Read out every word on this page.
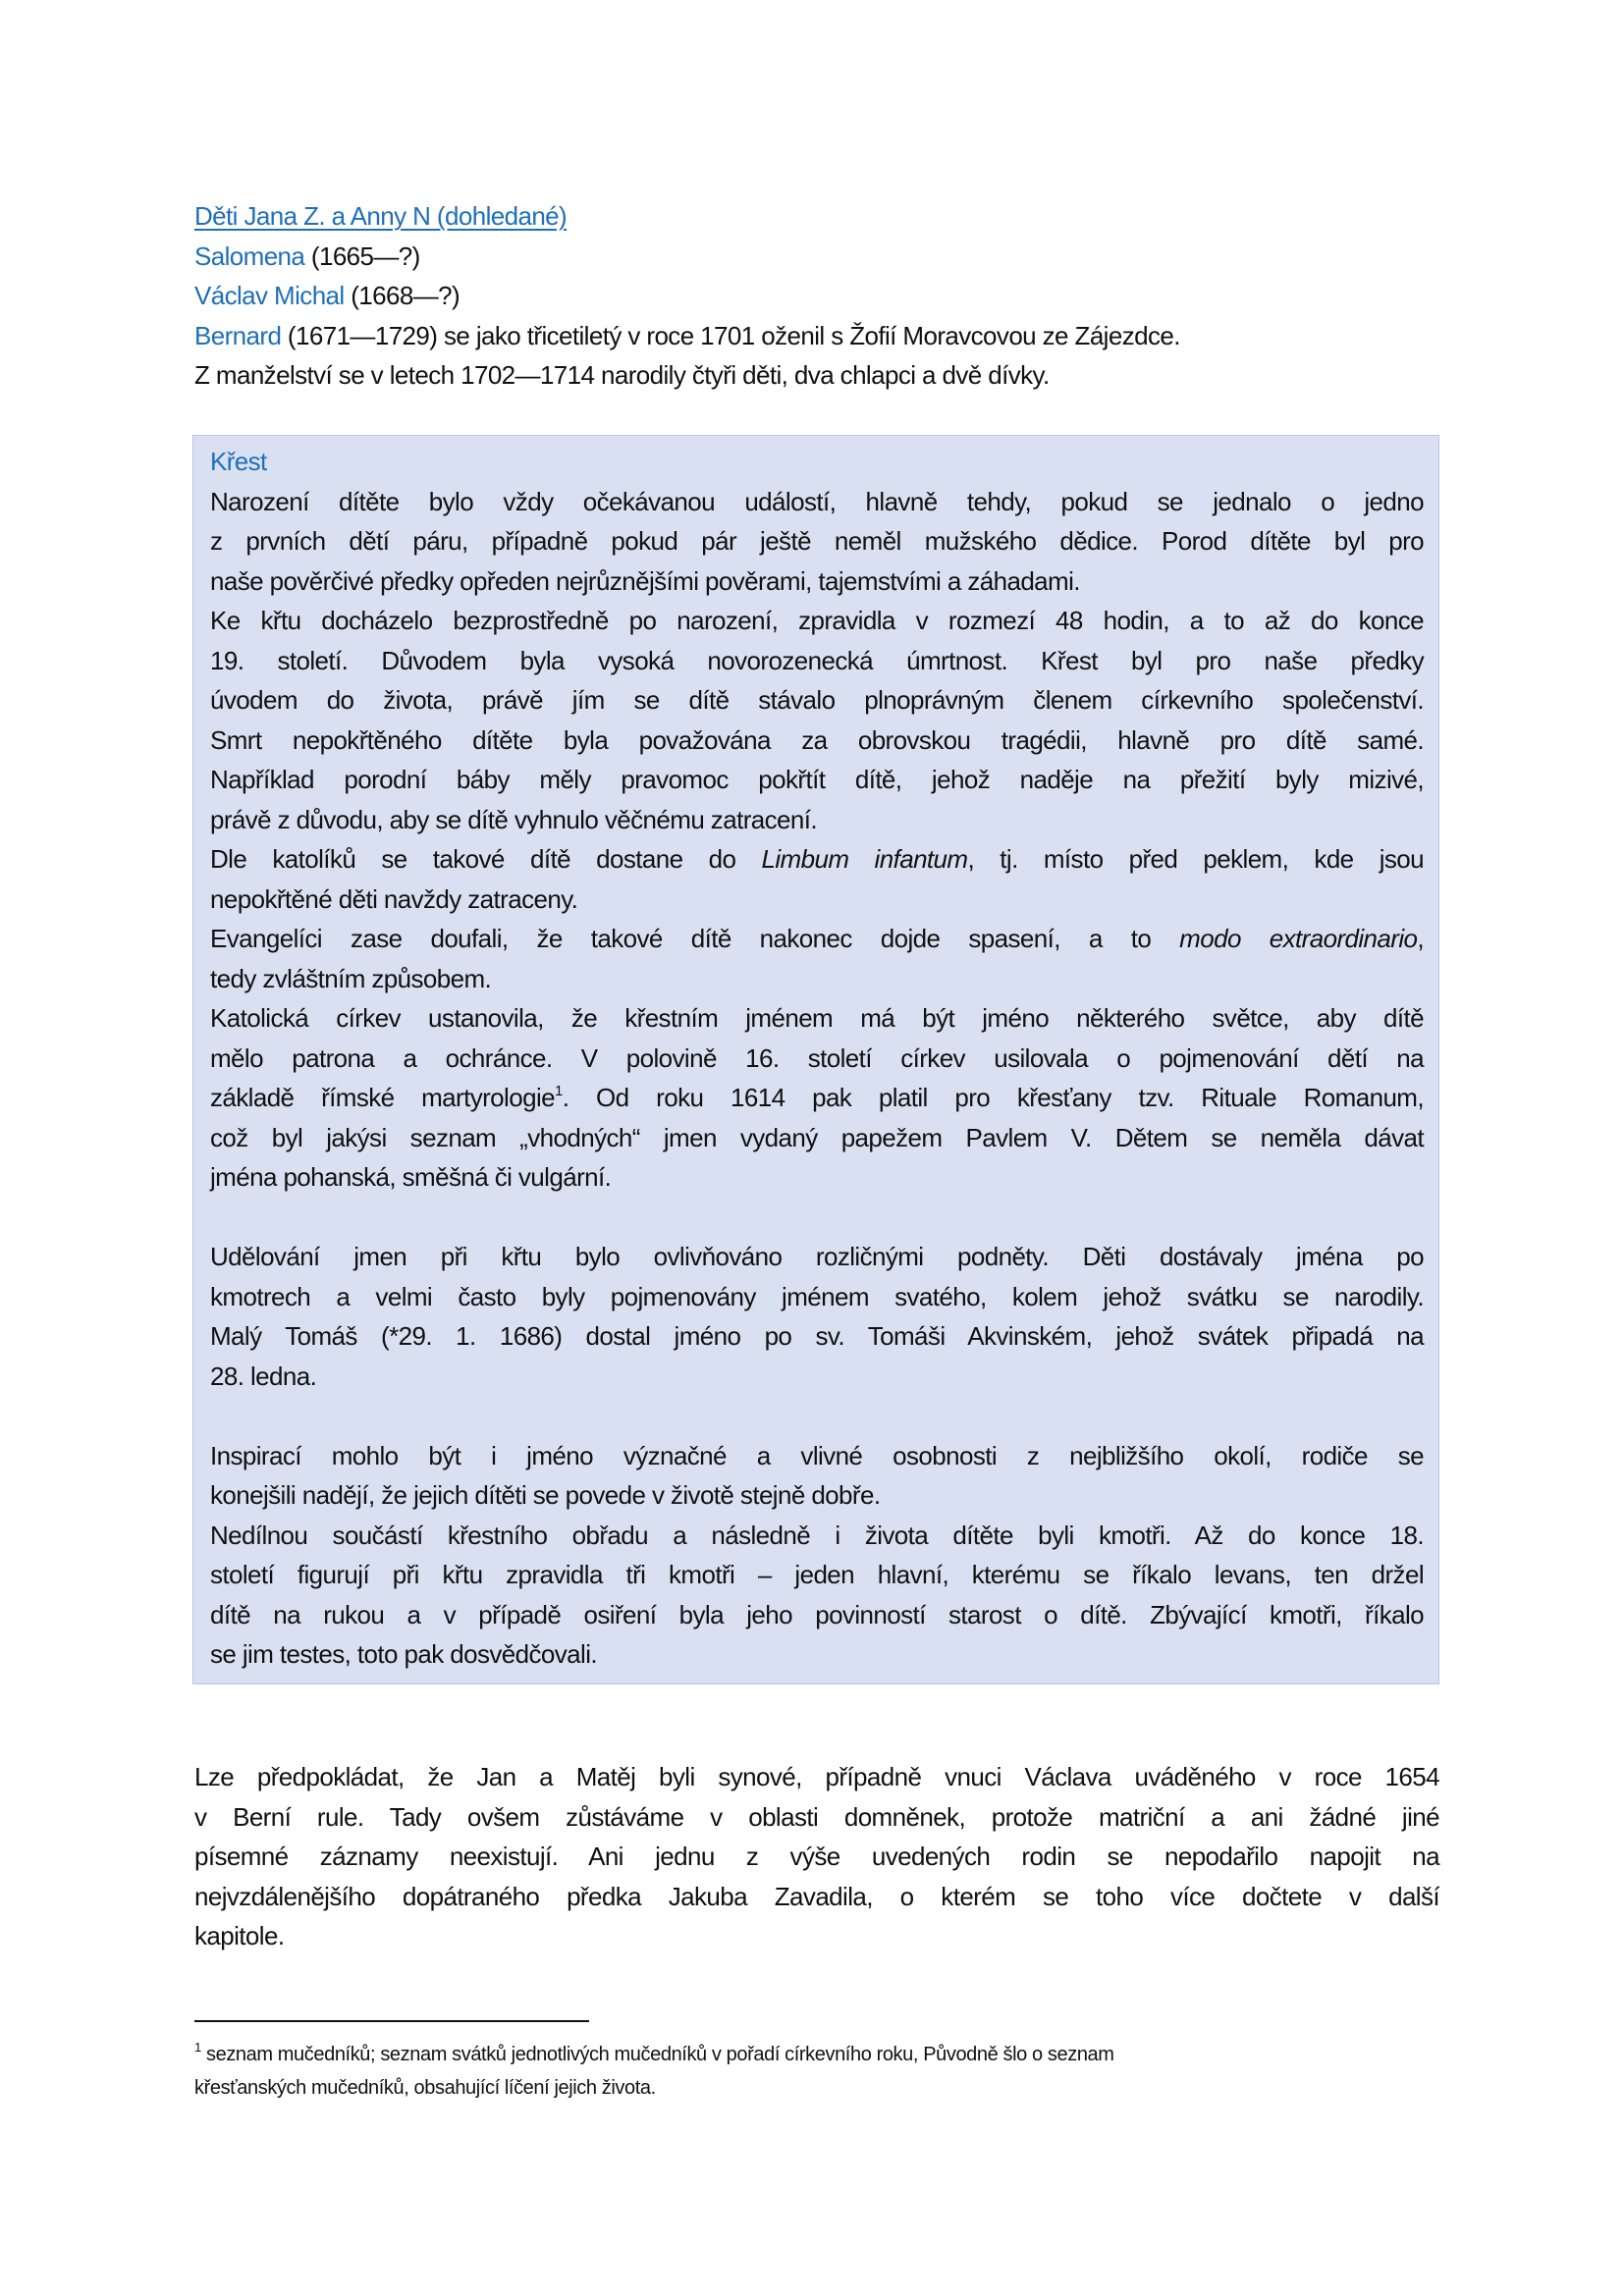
Děti Jana Z. a Anny N (dohledané)
Salomena (1665—?)
Václav Michal (1668—?)
Bernard (1671—1729) se jako třicetiletý v roce 1701 oženil s Žofií Moravcovou ze Zájezdce.
Z manželství se v letech 1702—1714 narodily čtyři děti, dva chlapci a dvě dívky.
Křest
Narození dítěte bylo vždy očekávanou událostí, hlavně tehdy, pokud se jednalo o jedno
z prvních dětí páru, případně pokud pár ještě neměl mužského dědice. Porod dítěte byl pro
naše pověrčivé předky opředen nejrůznějšími pověrami, tajemstvími a záhadami.
Ke křtu docházelo bezprostředně po narození, zpravidla v rozmezí 48 hodin, a to až do konce
19. století. Důvodem byla vysoká novorozenecká úmrtnost. Křest byl pro naše předky
úvodem do života, právě jím se dítě stávalo plnoprávným členem církevního společenství.
Smrt nepokřtěného dítěte byla považována za obrovskou tragédii, hlavně pro dítě samé.
Například porodní báby měly pravomoc pokřtít dítě, jehož naděje na přežití byly mizivé,
právě z důvodu, aby se dítě vyhnulo věčnému zatracení.
Dle katolíků se takové dítě dostane do Limbum infantum, tj. místo před peklem, kde jsou
nepokřtěné děti navždy zatraceny.
Evangelíci zase doufali, že takové dítě nakonec dojde spasení, a to modo extraordinario,
tedy zvláštním způsobem.
Katolická církev ustanovila, že křestním jménem má být jméno některého světce, aby dítě
mělo patrona a ochránce. V polovině 16. století církev usilovala o pojmenování dětí na
základě římské martyrologie$^1$. Od roku 1614 pak platil pro křesťany tzv. Rituale Romanum,
což byl jakýsi seznam „vhodných“ jmen vydaný papežem Pavlem V. Dětem se neměla dávat
jména pohanská, směšná či vulgární.
Udělování jmen při křtu bylo ovlivňováno rozličnými podněty. Děti dostávaly jména po
kmotrech a velmi často byly pojmenovány jménem svatého, kolem jehož svátku se narodily.
Malý Tomáš (*29. 1. 1686) dostal jméno po sv. Tomáši Akvinském, jehož svátek připadá na
28. ledna.
Inspirací mohlo být i jméno význačné a vlivné osobnosti z nejbližšího okolí, rodiče se
konejšili nadějí, že jejich dítěti se povede v životě stejně dobře.
Nedílnou součástí křestního obřadu a následně i života dítěte byli kmotři. Až do konce 18.
století figurují při křtu zpravidla tři kmotři – jeden hlavní, kterému se říkalo levans, ten držel
dítě na rukou a v případě osiření byla jeho povinností starost o dítě. Zbývající kmotři, říkalo
se jim testes, toto pak dosvědčovali.
Lze předpokládat, že Jan a Matěj byli synové, případně vnuci Václava uváděného v roce 1654
v Berní rule. Tady ovšem zůstáváme v oblasti domněnek, protože matriční a ani žádné jiné
písemné záznamy neexistují. Ani jednu z výše uvedených rodin se nepodařilo napojit na
nejvzdálenějšího dopátraného předka Jakuba Zavadila, o kterém se toho více dočtete v další
kapitole.
$^1$ seznam mučedníků; seznam svátků jednotlivých mučedníků v pořadí církevního roku, Původně šlo o seznam
křesťanských mučedníků, obsahující líčení jejich života.
